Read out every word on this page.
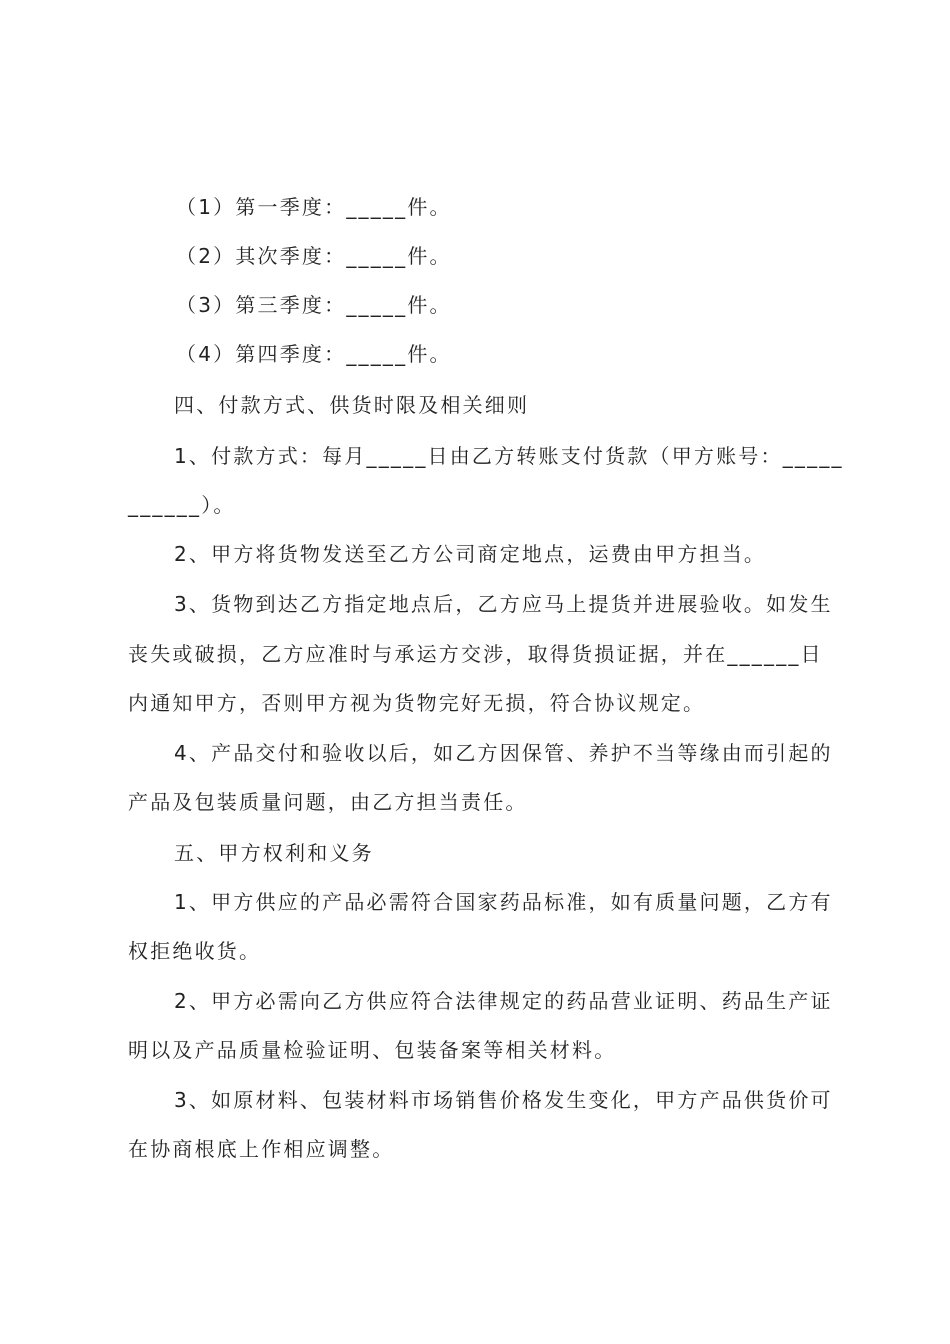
（1）第一季度：_____件。
（2）其次季度：_____件。
（3）第三季度：_____件。
（4）第四季度：_____件。
四、付款方式、供货时限及相关细则
1、付款方式：每月_____日由乙方转账支付货款（甲方账号：_____
______）。
2、甲方将货物发送至乙方公司商定地点，运费由甲方担当。
3、货物到达乙方指定地点后，乙方应马上提货并进展验收。如发生
丧失或破损，乙方应准时与承运方交涉，取得货损证据，并在______日
内通知甲方，否则甲方视为货物完好无损，符合协议规定。
4、产品交付和验收以后，如乙方因保管、养护不当等缘由而引起的
产品及包装质量问题，由乙方担当责任。
五、甲方权利和义务
1、甲方供应的产品必需符合国家药品标准，如有质量问题，乙方有
权拒绝收货。
2、甲方必需向乙方供应符合法律规定的药品营业证明、药品生产证
明以及产品质量检验证明、包装备案等相关材料。
3、如原材料、包装材料市场销售价格发生变化，甲方产品供货价可
在协商根底上作相应调整。
